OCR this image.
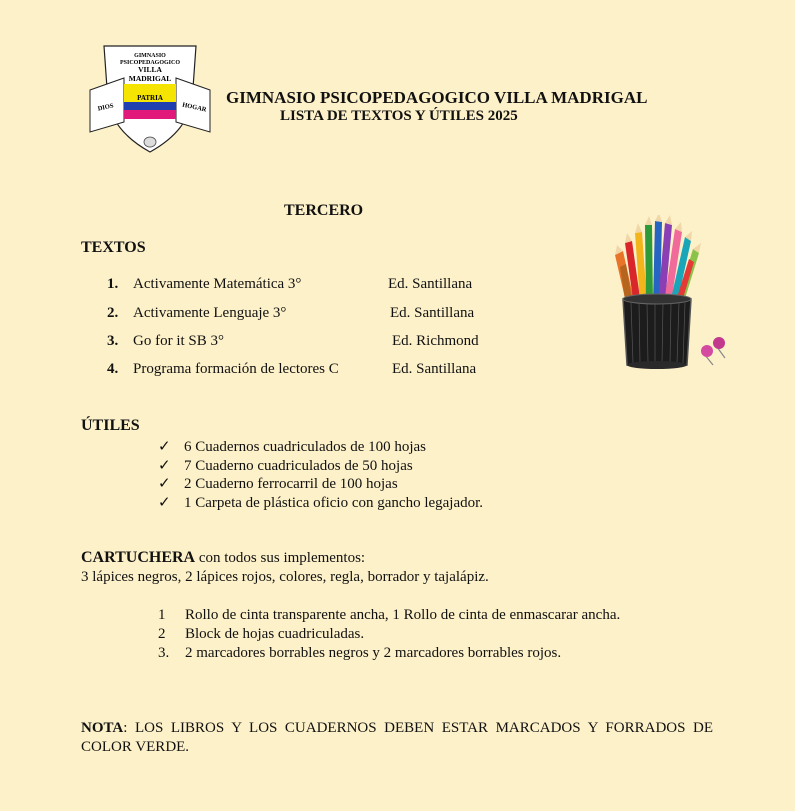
GIMNASIO
PSICOPEDAGOGICO
VILLA
MADRIGAL
PATRIA
DIOS	HOGAR
GIMNASIO PSICOPEDAGOGICO VILLA MADRIGAL
LISTA DE TEXTOS Y ÚTILES 2025
TERCERO
TEXTOS
1. Activamente Matemática 3°	Ed. Santillana
2. Activamente Lenguaje 3°	Ed. Santillana
3. Go for it SB 3°	Ed. Richmond
4. Programa formación de lectores C	Ed. Santillana
ÚTILES
✓ 6 Cuadernos cuadriculados de 100 hojas
✓ 7 Cuaderno cuadriculados de 50 hojas
✓ 2 Cuaderno ferrocarril de 100 hojas
✓ 1 Carpeta de plástica oficio con gancho legajador.
CARTUCHERA con todos sus implementos:
3 lápices negros, 2 lápices rojos, colores, regla, borrador y tajalápiz.
1 Rollo de cinta transparente ancha, 1 Rollo de cinta de enmascarar ancha.
2 Block de hojas cuadriculadas.
3. 2 marcadores borrables negros y 2 marcadores borrables rojos.
NOTA: LOS LIBROS Y LOS CUADERNOS DEBEN ESTAR MARCADOS Y FORRADOS DE COLOR VERDE.
